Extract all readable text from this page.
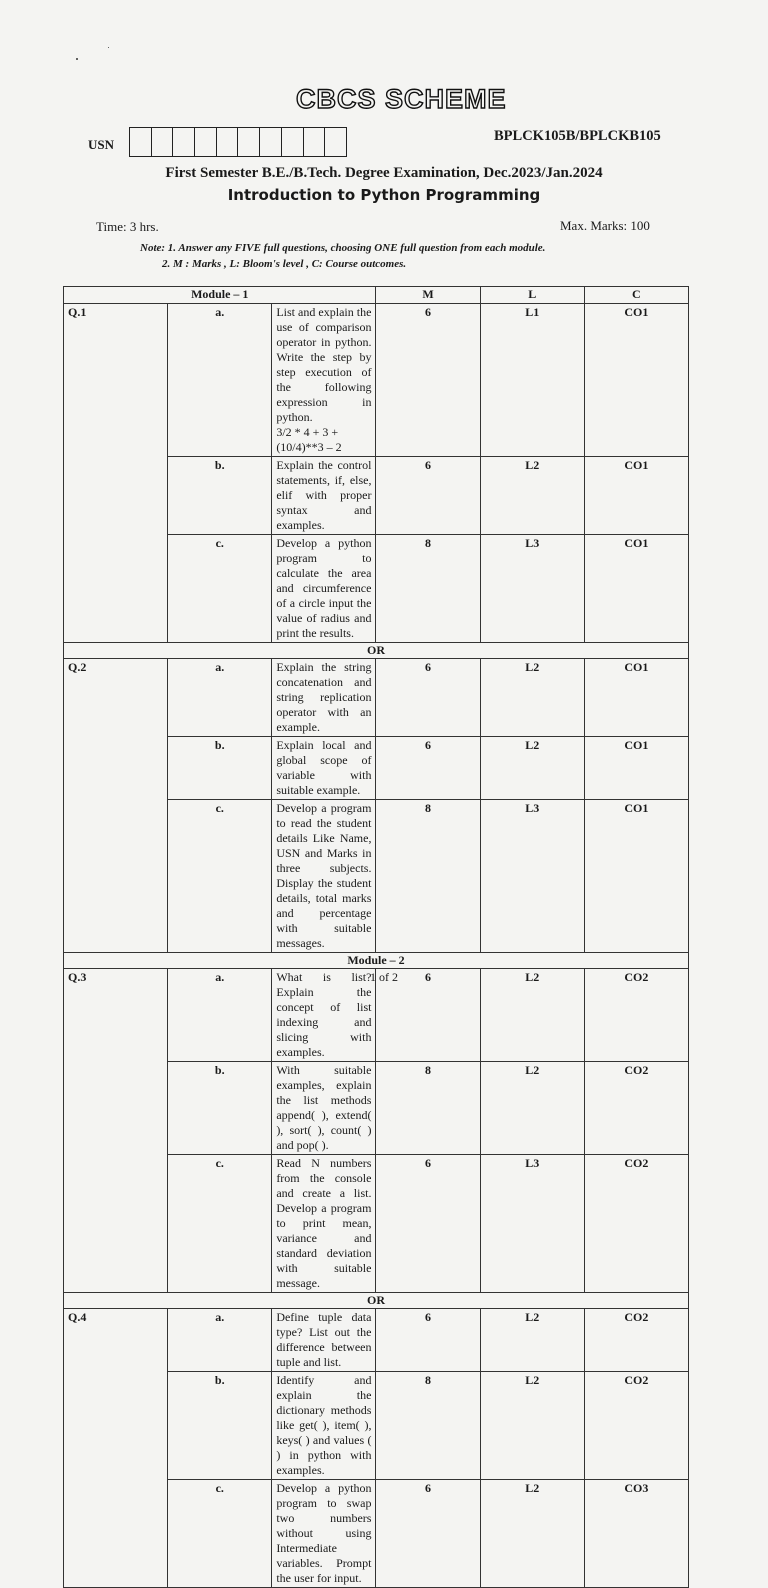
CBCS SCHEME
USN
BPLCK105B/BPLCKB105
First Semester B.E./B.Tech. Degree Examination, Dec.2023/Jan.2024
Introduction to Python Programming
Time: 3 hrs.	Max. Marks: 100
Note: 1. Answer any FIVE full questions, choosing ONE full question from each module.
2. M : Marks , L: Bloom's level , C: Course outcomes.
Module – 1			M	L	C
Q.1	a.	List and explain the use of comparison operator in python. Write the step by step execution of the following expression in python.
3/2 * 4 + 3 + (10/4)**3 – 2	6	L1	CO1
	b.	Explain the control statements, if, else, elif with proper syntax and examples.	6	L2	CO1
	c.	Develop a python program to calculate the area and circumference of a circle input the value of radius and print the results.	8	L3	CO1
OR					
Q.2	a.	Explain the string concatenation and string replication operator with an example.	6	L2	CO1
	b.	Explain local and global scope of variable with suitable example.	6	L2	CO1
	c.	Develop a program to read the student details Like Name, USN and Marks in three subjects. Display the student details, total marks and percentage with suitable messages.	8	L3	CO1
Module – 2					
Q.3	a.	What is list? Explain the concept of list indexing and slicing with examples.	6	L2	CO2
	b.	With suitable examples, explain the list methods append( ), extend( ), sort( ), count( ) and pop( ).	8	L2	CO2
	c.	Read N numbers from the console and create a list. Develop a program to print mean, variance and standard deviation with suitable message.	6	L3	CO2
OR					
Q.4	a.	Define tuple data type? List out the difference between tuple and list.	6	L2	CO2
	b.	Identify and explain the dictionary methods like get( ), item( ), keys( ) and values ( ) in python with examples.	8	L2	CO2
	c.	Develop a python program to swap two numbers without using Intermediate variables. Prompt the user for input.	6	L2	CO3
1 of 2
